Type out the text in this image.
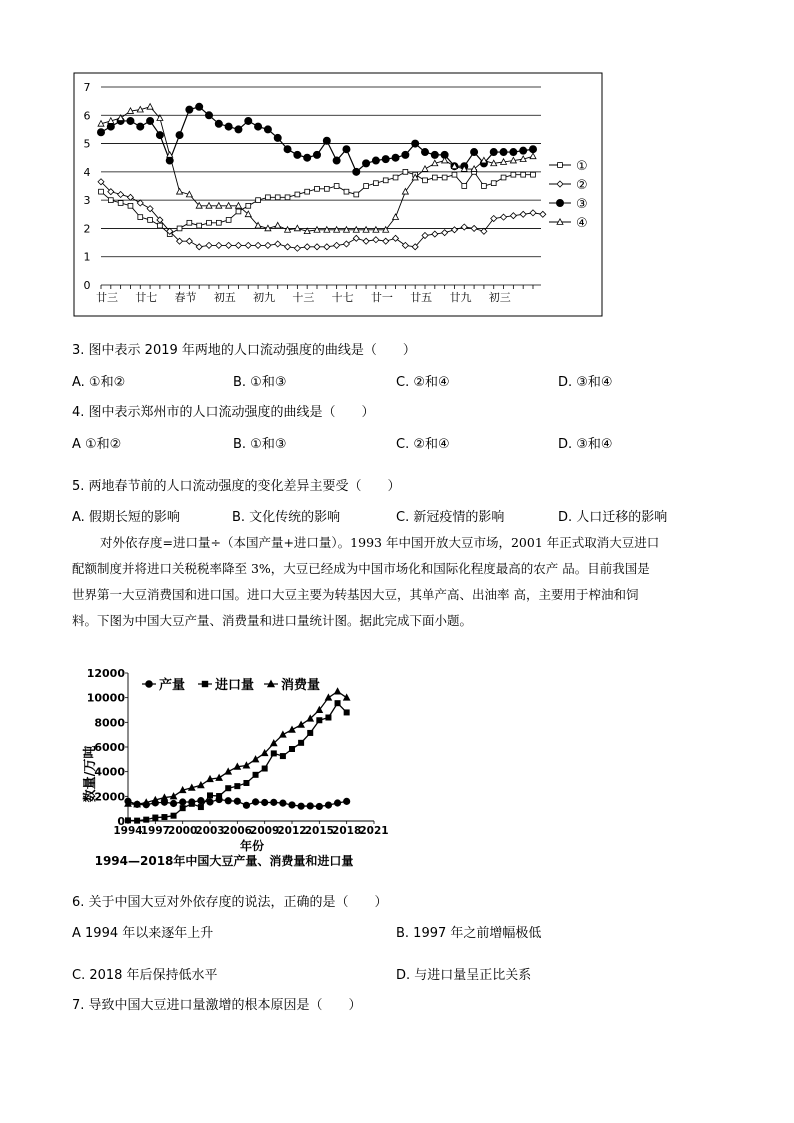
0
1
2
3
4
5
6
7
廿三 廿七 春节 初五 初九 十三 十七 廿一 廿五 廿九 初三
①
②
③
④
3. 图中表示 2019 年两地的人口流动强度的曲线是（　　）
A. ①和②	B. ①和③	C. ②和④	D. ③和④
4. 图中表示郑州市的人口流动强度的曲线是（　　）
A ①和②	B. ①和③	C. ②和④	D. ③和④
5. 两地春节前的人口流动强度的变化差异主要受（　　）
A. 假期长短的影响	B. 文化传统的影响	C. 新冠疫情的影响	D. 人口迁移的影响

对外依存度=进口量÷（本国产量+进口量）。1993 年中国开放大豆市场，2001 年正式取消大豆进口

配额制度并将进口关税税率降至 3%，大豆已经成为中国市场化和国际化程度最高的农产 品。目前我国是

世界第一大豆消费国和进口国。进口大豆主要为转基因大豆，其单产高、出油率 高，主要用于榨油和饲

料。下图为中国大豆产量、消费量和进口量统计图。据此完成下面小题。

0
2000
4000
6000
8000
10000
12000
1994
1997
2000
2003
2006
2009
2012
2015
2018
2021
产量 进口量 消费量
数量/万吨
年份
1994—2018年中国大豆产量、消费量和进口量
6. 关于中国大豆对外依存度的说法，正确的是（　　）
A 1994 年以来逐年上升	B. 1997 年之前增幅极低
C. 2018 年后保持低水平	D. 与进口量呈正比关系
7. 导致中国大豆进口量激增的根本原因是（　　）
